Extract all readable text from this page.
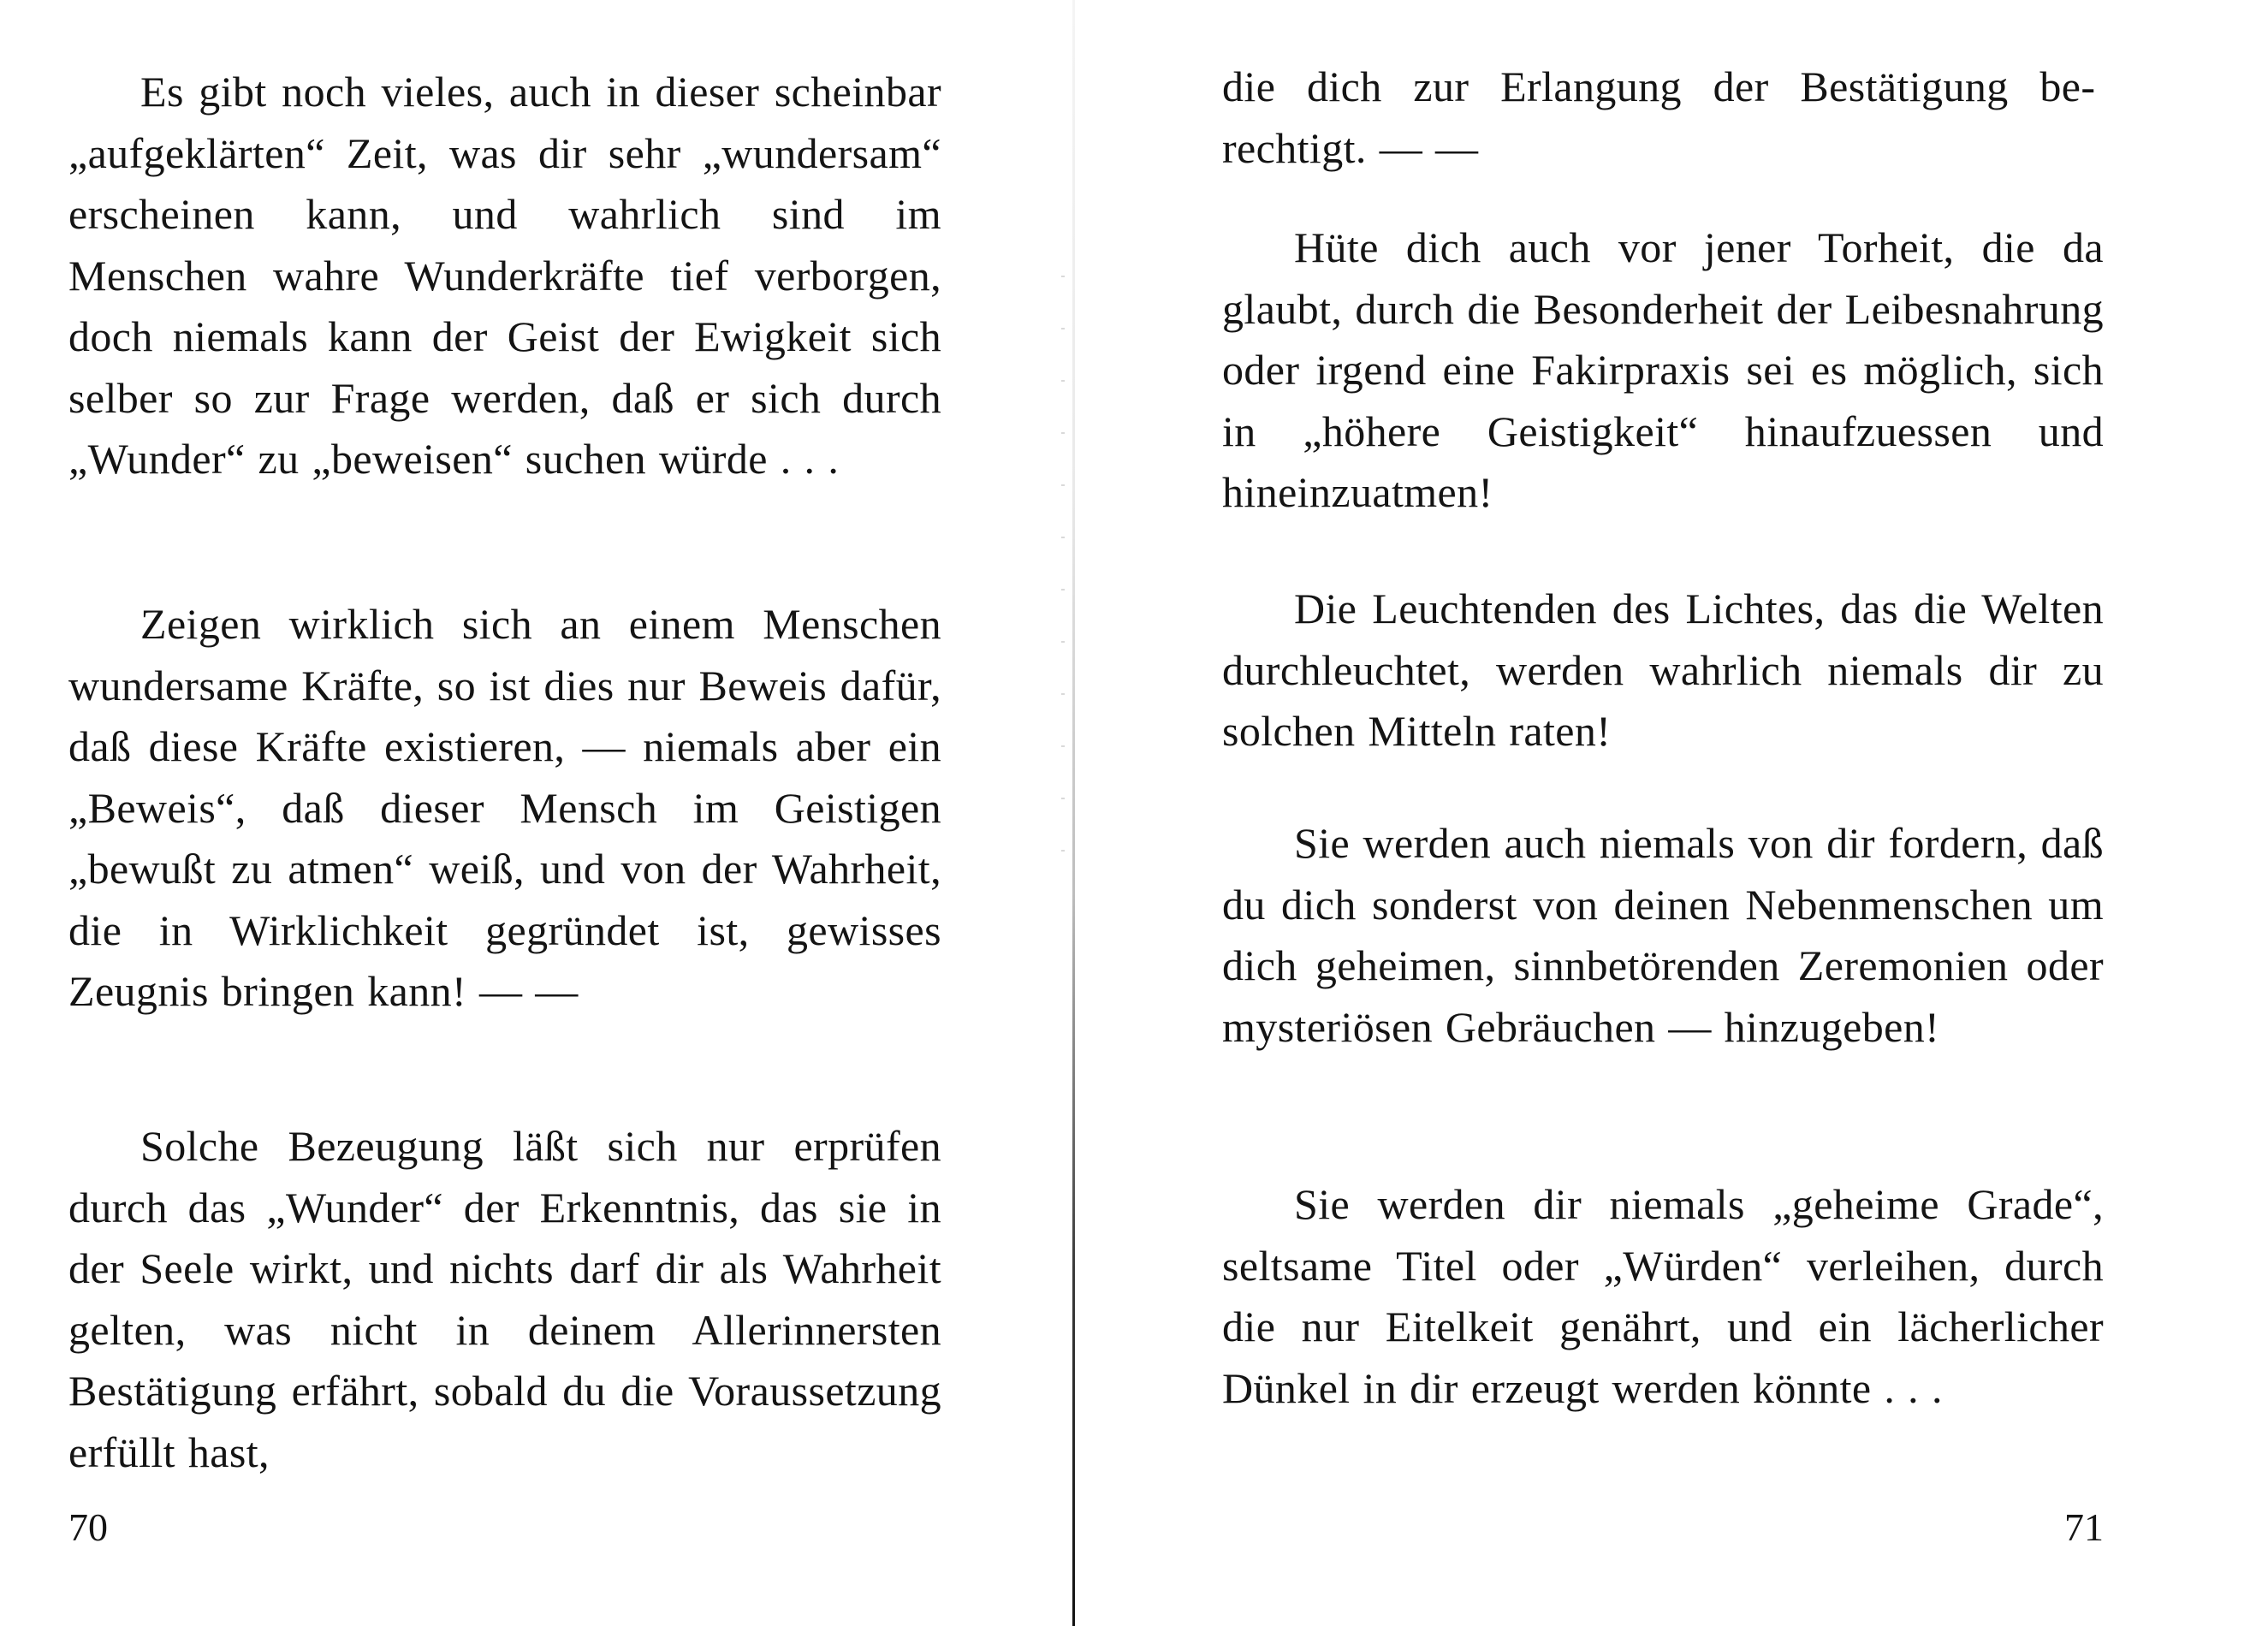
Es gibt noch vieles, auch in dieser scheinbar „aufgeklärten“ Zeit, was dir sehr „wundersam“ erscheinen kann, und wahrlich sind im Menschen wahre Wunderkräfte tief verborgen, doch niemals kann der Geist der Ewigkeit sich selber so zur Frage werden, daß er sich durch „Wunder“ zu „beweisen“ suchen würde . . .

Zeigen wirklich sich an einem Menschen wundersame Kräfte, so ist dies nur Beweis dafür, daß diese Kräfte existieren, — niemals aber ein „Beweis“, daß dieser Mensch im Geistigen „bewußt zu atmen“ weiß, und von der Wahrheit, die in Wirklichkeit gegründet ist, gewisses Zeugnis bringen kann! — —

Solche Bezeugung läßt sich nur erprüfen durch das „Wunder“ der Erkenntnis, das sie in der Seele wirkt, und nichts darf dir als Wahrheit gelten, was nicht in deinem Allerinnersten Bestätigung erfährt, sobald du die Voraussetzung erfüllt hast,

70

die dich zur Erlangung der Bestätigung berechtigt. — —

Hüte dich auch vor jener Torheit, die da glaubt, durch die Besonderheit der Leibesnahrung oder irgend eine Fakirpraxis sei es möglich, sich in „höhere Geistigkeit“ hinaufzuessen und hineinzuatmen!

Die Leuchtenden des Lichtes, das die Welten durchleuchtet, werden wahrlich niemals dir zu solchen Mitteln raten!

Sie werden auch niemals von dir fordern, daß du dich sonderst von deinen Nebenmenschen um dich geheimen, sinnbetörenden Zeremonien oder mysteriösen Gebräuchen — hinzugeben!

Sie werden dir niemals „geheime Grade“, seltsame Titel oder „Würden“ verleihen, durch die nur Eitelkeit genährt, und ein lächerlicher Dünkel in dir erzeugt werden könnte . . .

71
